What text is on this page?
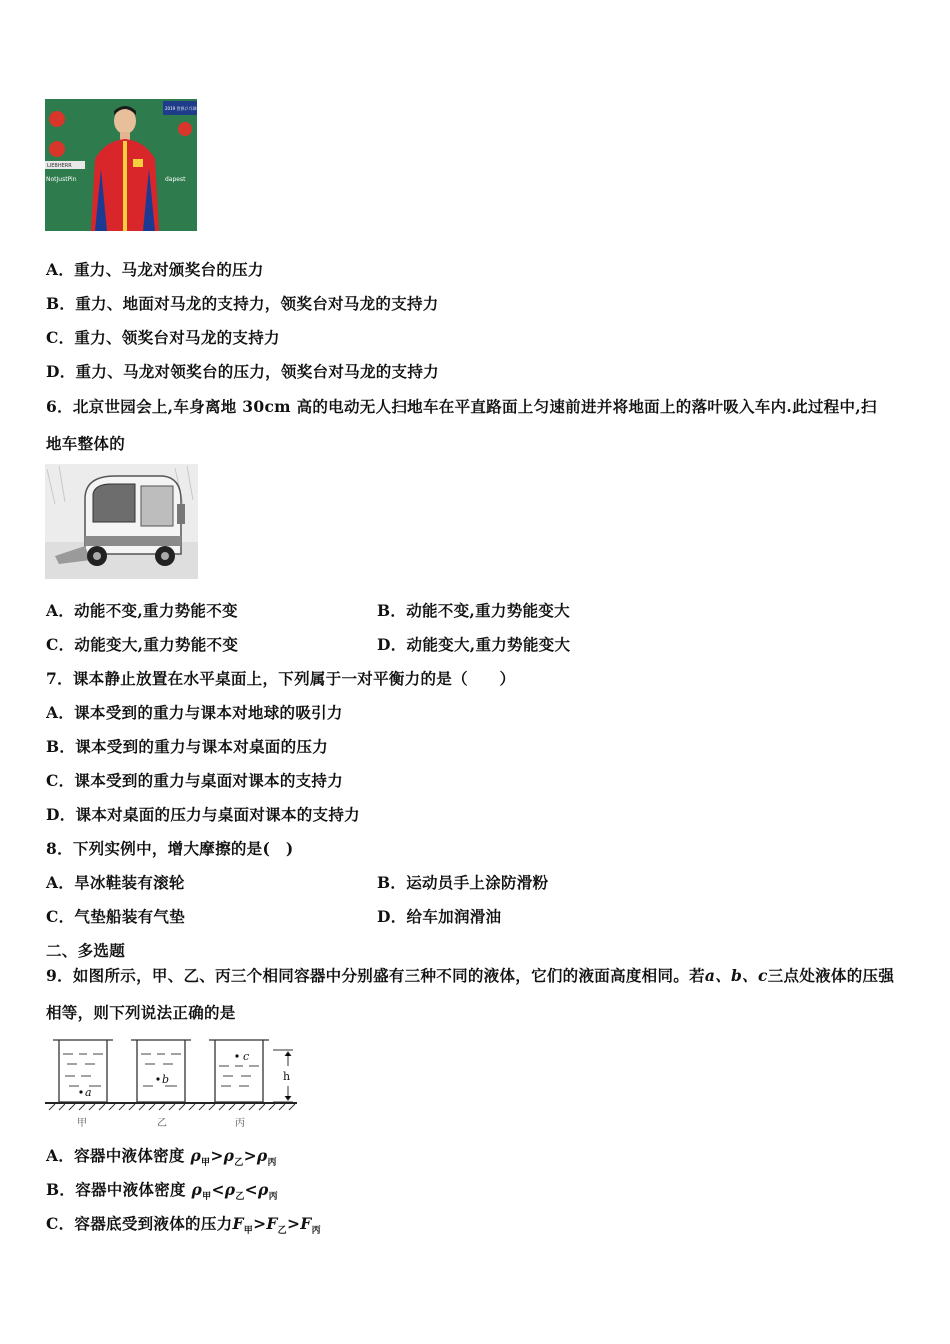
2019 世界乒乓球锦标赛
LIEBHERR
NotJustPin	dapest
A．重力、马龙对颁奖台的压力
B．重力、地面对马龙的支持力，领奖台对马龙的支持力
C．重力、领奖台对马龙的支持力
D．重力、马龙对领奖台的压力，领奖台对马龙的支持力
6．北京世园会上,车身离地 30cm 高的电动无人扫地车在平直路面上匀速前进并将地面上的落叶吸入车内.此过程中,扫
地车整体的
A．动能不变,重力势能不变	B．动能不变,重力势能变大
C．动能变大,重力势能不变	D．动能变大,重力势能变大
7．课本静止放置在水平桌面上，下列属于一对平衡力的是（　　）
A．课本受到的重力与课本对地球的吸引力
B．课本受到的重力与课本对桌面的压力
C．课本受到的重力与桌面对课本的支持力
D．课本对桌面的压力与桌面对课本的支持力
8．下列实例中，增大摩擦的是(　)
A．旱冰鞋装有滚轮	B．运动员手上涂防滑粉
C．气垫船装有气垫	D．给车加润滑油
二、多选题
9．如图所示，甲、乙、丙三个相同容器中分别盛有三种不同的液体，它们的液面高度相同。若a、b、c三点处液体的压强
相等，则下列说法正确的是
a
b
c
h
甲	乙	丙
A．容器中液体密度 $\rho_甲>\rho_乙>\rho_丙$
B．容器中液体密度 $\rho_甲<\rho_乙<\rho_丙$
C．容器底受到液体的压力$F_甲>F_乙>F_丙$
